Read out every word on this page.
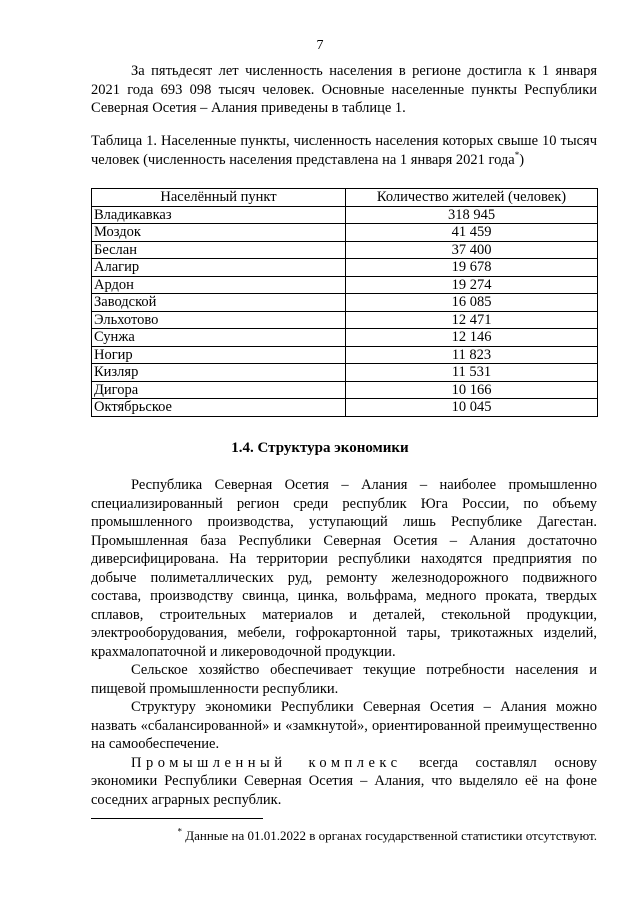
7

За пятьдесят лет численность населения в регионе достигла к 1 января 2021 года 693 098 тысяч человек. Основные населенные пункты Республики Северная Осетия – Алания приведены в таблице 1.

Таблица 1. Населенные пункты, численность населения которых свыше 10 тысяч человек (численность населения представлена на 1 января 2021 года*)

Населённый пункт	Количество жителей (человек)
Владикавказ	318 945
Моздок	41 459
Беслан	37 400
Алагир	19 678
Ардон	19 274
Заводской	16 085
Эльхотово	12 471
Сунжа	12 146
Ногир	11 823
Кизляр	11 531
Дигора	10 166
Октябрьское	10 045
1.4. Структура экономики

Республика Северная Осетия – Алания – наиболее промышленно специализированный регион среди республик Юга России, по объему промышленного производства, уступающий лишь Республике Дагестан. Промышленная база Республики Северная Осетия – Алания достаточно диверсифицирована. На территории республики находятся предприятия по добыче полиметаллических руд, ремонту железнодорожного подвижного состава, производству свинца, цинка, вольфрама, медного проката, твердых сплавов, строительных материалов и деталей, стекольной продукции, электрооборудования, мебели, гофрокартонной тары, трикотажных изделий, крахмалопаточной и ликероводочной продукции.

Сельское хозяйство обеспечивает текущие потребности населения и пищевой промышленности республики.

Структуру экономики Республики Северная Осетия – Алания можно назвать «сбалансированной» и «замкнутой», ориентированной преимущественно на самообеспечение.

Промышленный комплекс всегда составлял основу экономики Республики Северная Осетия – Алания, что выделяло её на фоне соседних аграрных республик.

* Данные на 01.01.2022 в органах государственной статистики отсутствуют.
